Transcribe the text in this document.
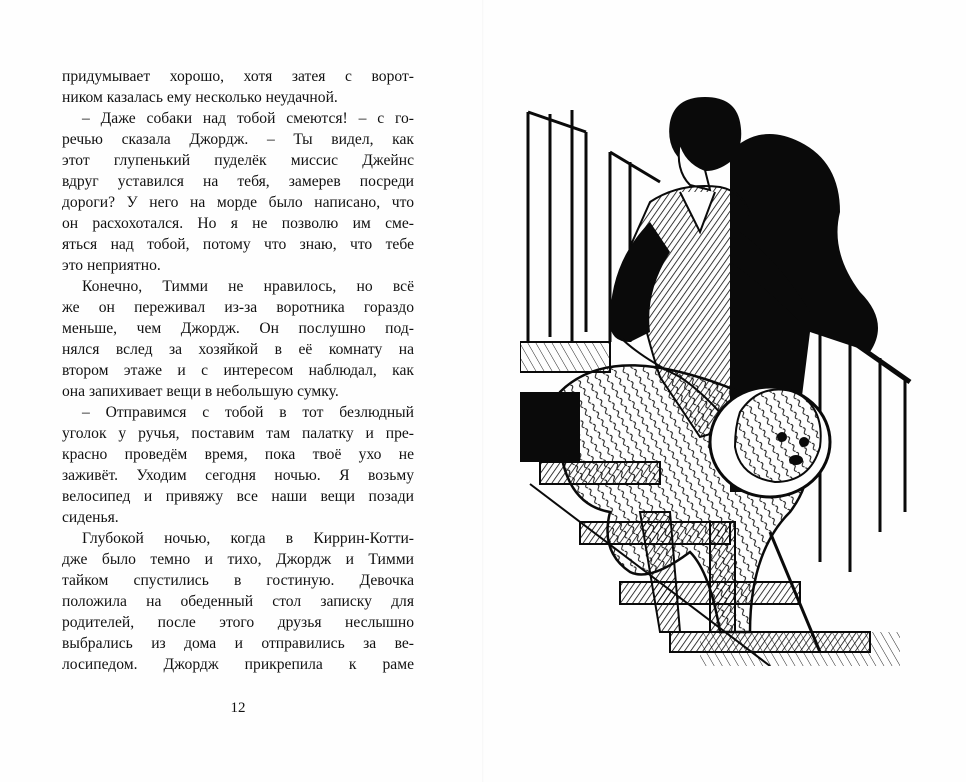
придумывает хорошо, хотя затея с ворот-
ником казалась ему несколько неудачной.
– Даже собаки над тобой смеются! – с го-
речью сказала Джордж. – Ты видел, как
этот глупенький пуделёк миссис Джейнс
вдруг уставился на тебя, замерев посреди
дороги? У него на морде было написано, что
он расхохотался. Но я не позволю им сме-
яться над тобой, потому что знаю, что тебе
это неприятно.
Конечно, Тимми не нравилось, но всё
же он переживал из-за воротника гораздо
меньше, чем Джордж. Он послушно под-
нялся вслед за хозяйкой в её комнату на
втором этаже и с интересом наблюдал, как
она запихивает вещи в небольшую сумку.
– Отправимся с тобой в тот безлюдный
уголок у ручья, поставим там палатку и пре-
красно проведём время, пока твоё ухо не
заживёт. Уходим сегодня ночью. Я возьму
велосипед и привяжу все наши вещи позади
сиденья.
Глубокой ночью, когда в Киррин-Котти-
дже было темно и тихо, Джордж и Тимми
тайком спустились в гостиную. Девочка
положила на обеденный стол записку для
родителей, после этого друзья неслышно
выбрались из дома и отправились за ве-
лосипедом. Джордж прикрепила к раме
12
